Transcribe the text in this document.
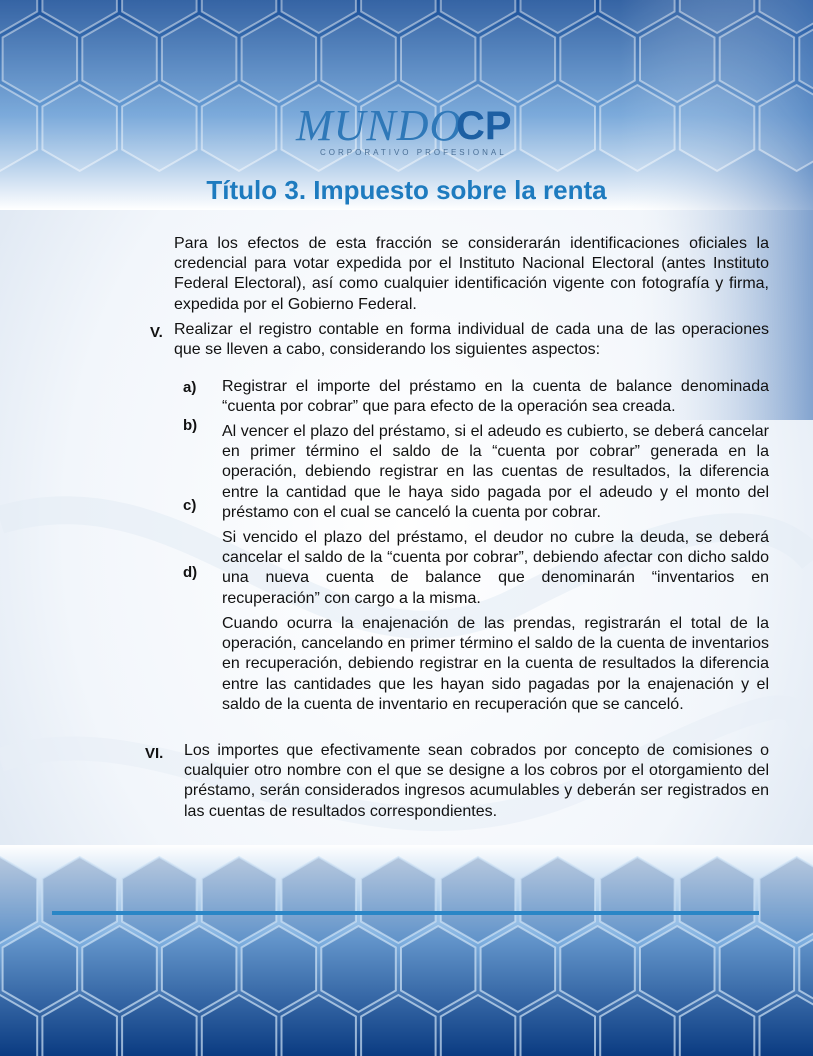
MUNDO
CP
CORPORATIVO PROFESIONAL
Título 3. Impuesto sobre la renta

Para los efectos de esta fracción se considerarán identificaciones oficiales la credencial para votar expedida por el Instituto Nacional Electoral (antes Instituto Federal Electoral), así como cualquier identificación vigente con fotografía y firma, expedida por el Gobierno Federal.

V. Realizar el registro contable en forma individual de cada una de las operaciones que se lleven a cabo, considerando los siguientes aspectos:

a) Registrar el importe del préstamo en la cuenta de balance denominada “cuenta por cobrar” que para efecto de la operación sea creada.

b) Al vencer el plazo del préstamo, si el adeudo es cubierto, se deberá cancelar en primer término el saldo de la “cuenta por cobrar” generada en la operación, debiendo registrar en las cuentas de resultados, la diferencia entre la cantidad que le haya sido pagada por el adeudo y el monto del préstamo con el cual se canceló la cuenta por cobrar.

c)

Si vencido el plazo del préstamo, el deudor no cubre la deuda, se deberá cancelar el saldo de la “cuenta por cobrar”, debiendo afectar con dicho saldo una nueva cuenta de balance que denominarán “inventarios en recuperación” con cargo a la misma.

d)

Cuando ocurra la enajenación de las prendas, registrarán el total de la operación, cancelando en primer término el saldo de la cuenta de inventarios en recuperación, debiendo registrar en la cuenta de resultados la diferencia entre las cantidades que les hayan sido pagadas por la enajenación y el saldo de la cuenta de inventario en recuperación que se canceló.

VI. Los importes que efectivamente sean cobrados por concepto de comisiones o cualquier otro nombre con el que se designe a los cobros por el otorgamiento del préstamo, serán considerados ingresos acumulables y deberán ser registrados en las cuentas de resultados correspondientes.
